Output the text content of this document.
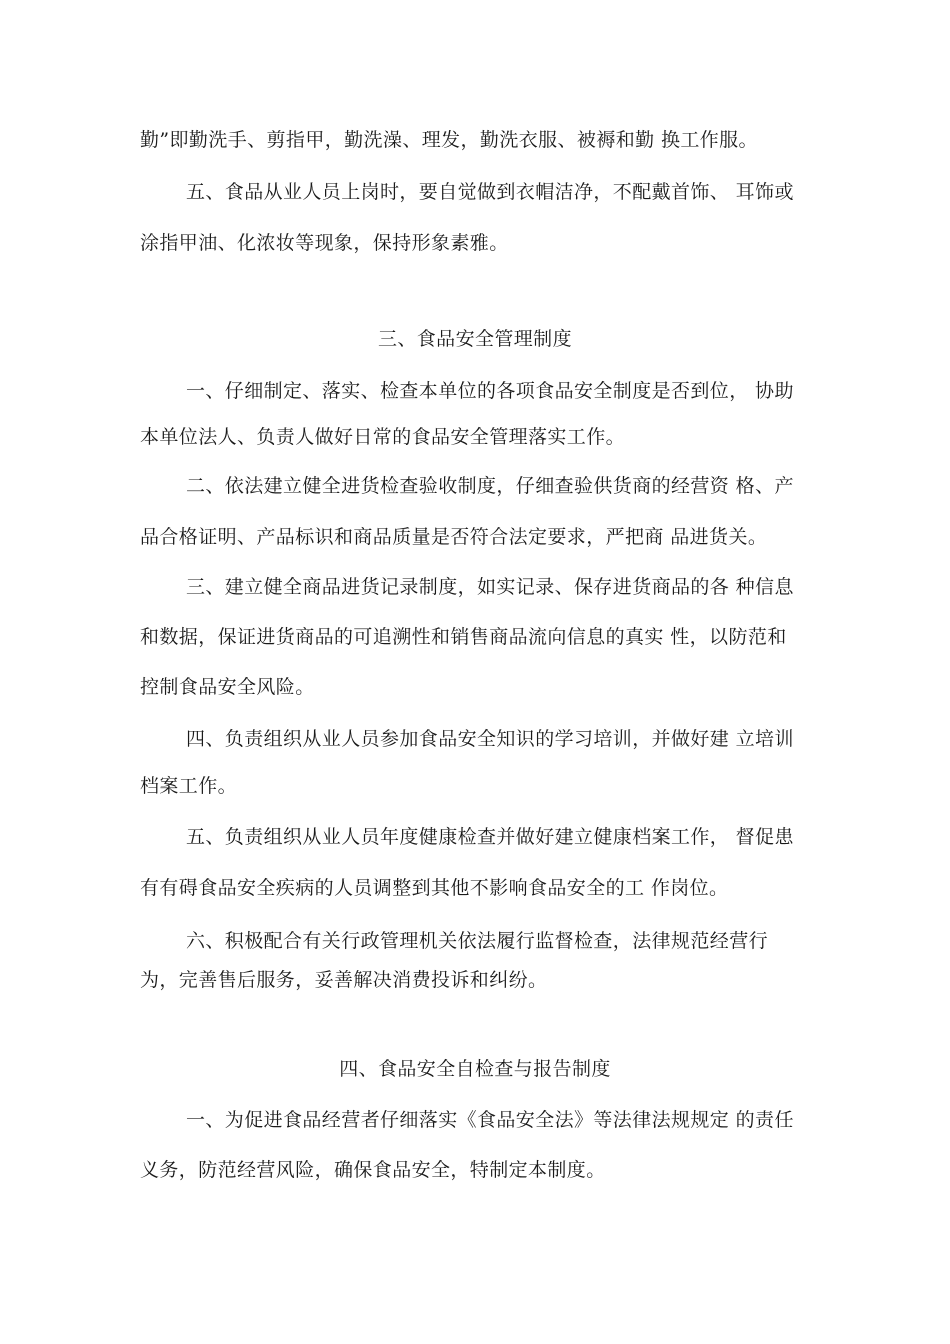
勤”即勤洗手、剪指甲，勤洗澡、理发，勤洗衣服、被褥和勤 换工作服。
五、食品从业人员上岗时，要自觉做到衣帽洁净，不配戴首饰、 耳饰或
涂指甲油、化浓妆等现象，保持形象素雅。
三、食品安全管理制度
一、仔细制定、落实、检查本单位的各项食品安全制度是否到位， 协助
本单位法人、负责人做好日常的食品安全管理落实工作。
二、依法建立健全进货检查验收制度，仔细查验供货商的经营资 格、产
品合格证明、产品标识和商品质量是否符合法定要求，严把商 品进货关。
三、建立健全商品进货记录制度，如实记录、保存进货商品的各 种信息
和数据，保证进货商品的可追溯性和销售商品流向信息的真实 性，以防范和
控制食品安全风险。
四、负责组织从业人员参加食品安全知识的学习培训，并做好建 立培训
档案工作。
五、负责组织从业人员年度健康检查并做好建立健康档案工作， 督促患
有有碍食品安全疾病的人员调整到其他不影响食品安全的工 作岗位。
六、积极配合有关行政管理机关依法履行监督检查，法律规范经营行
为，完善售后服务，妥善解决消费投诉和纠纷。
四、食品安全自检查与报告制度
一、为促进食品经营者仔细落实《食品安全法》等法律法规规定 的责任
义务，防范经营风险，确保食品安全，特制定本制度。
